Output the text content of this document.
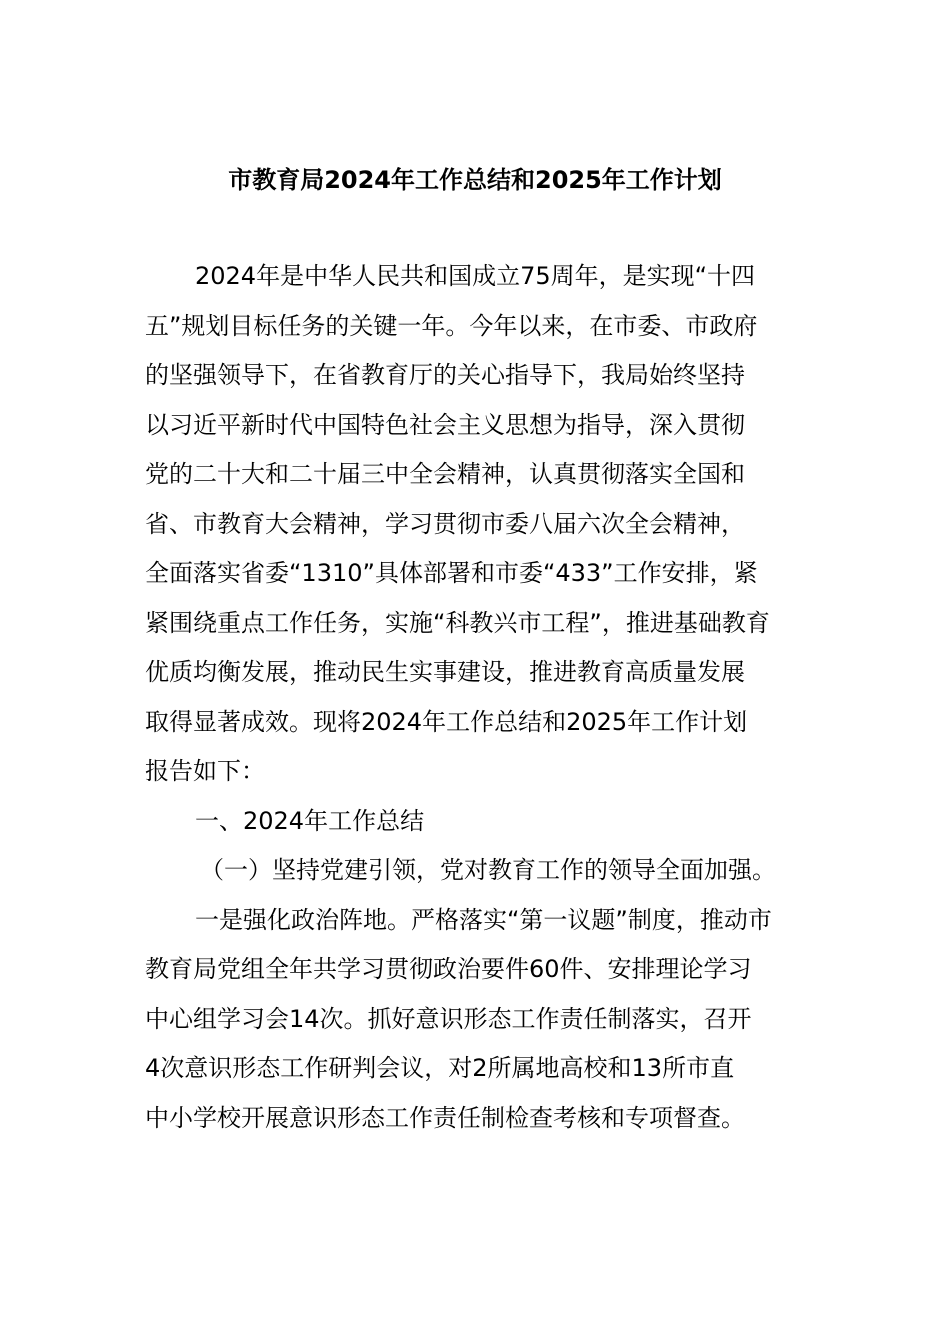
市教育局2024年工作总结和2025年工作计划
2024年是中华人民共和国成立75周年，是实现“十四
五”规划目标任务的关键一年。今年以来，在市委、市政府
的坚强领导下，在省教育厅的关心指导下，我局始终坚持
以习近平新时代中国特色社会主义思想为指导，深入贯彻
党的二十大和二十届三中全会精神，认真贯彻落实全国和
省、市教育大会精神，学习贯彻市委八届六次全会精神，
全面落实省委“1310”具体部署和市委“433”工作安排，紧
紧围绕重点工作任务，实施“科教兴市工程”，推进基础教育
优质均衡发展，推动民生实事建设，推进教育高质量发展
取得显著成效。现将2024年工作总结和2025年工作计划
报告如下：
一、2024年工作总结
（一）坚持党建引领，党对教育工作的领导全面加强。
一是强化政治阵地。严格落实“第一议题”制度，推动市
教育局党组全年共学习贯彻政治要件60件、安排理论学习
中心组学习会14次。抓好意识形态工作责任制落实，召开
4次意识形态工作研判会议，对2所属地高校和13所市直
中小学校开展意识形态工作责任制检查考核和专项督查。
